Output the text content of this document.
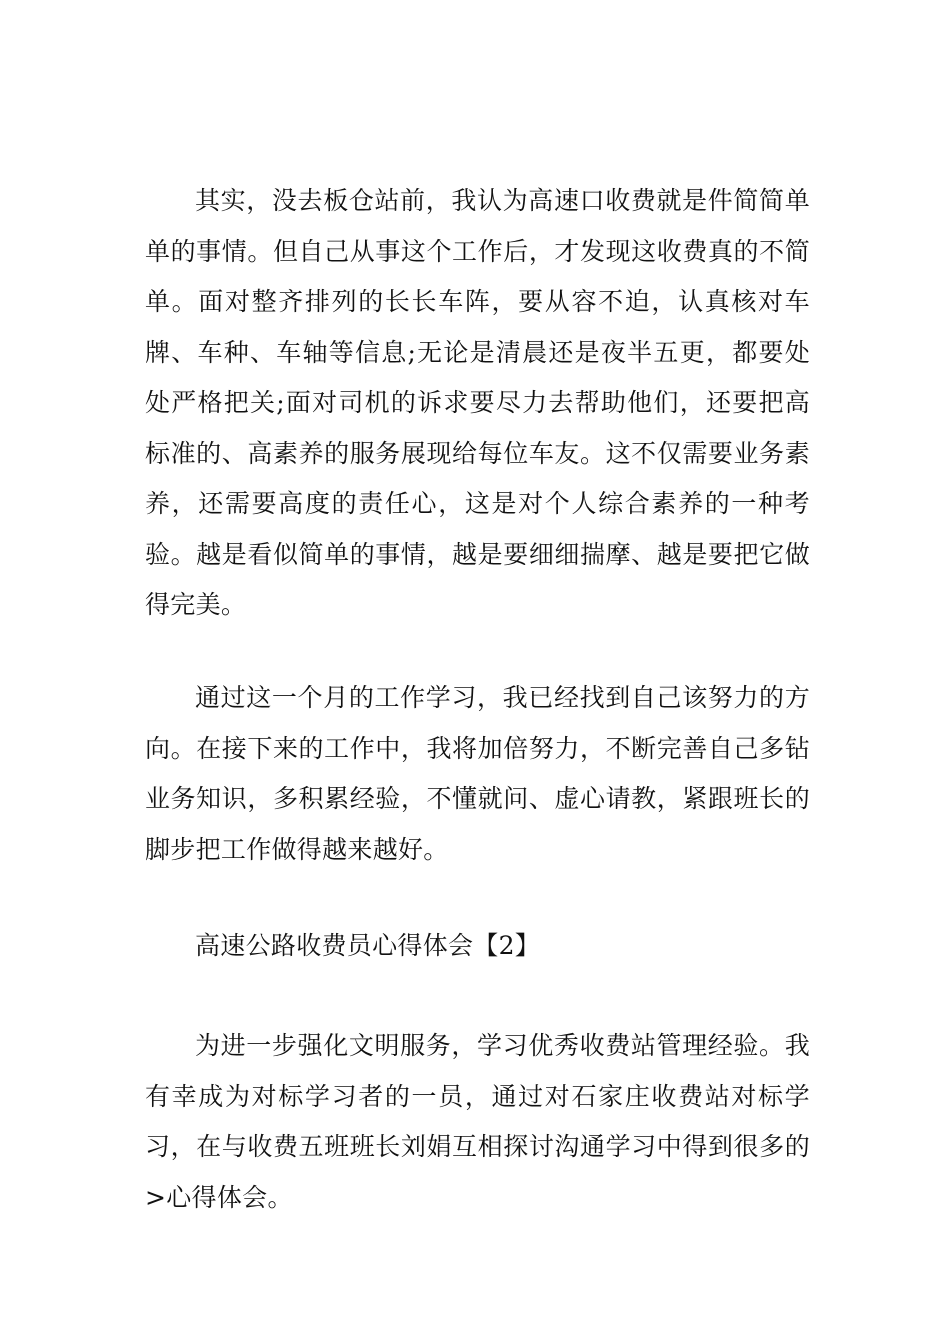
其实，没去板仓站前，我认为高速口收费就是件简简单单的事情。但自己从事这个工作后，才发现这收费真的不简单。面对整齐排列的长长车阵，要从容不迫，认真核对车牌、车种、车轴等信息;无论是清晨还是夜半五更，都要处处严格把关;面对司机的诉求要尽力去帮助他们，还要把高标准的、高素养的服务展现给每位车友。这不仅需要业务素养，还需要高度的责任心，这是对个人综合素养的一种考验。越是看似简单的事情，越是要细细揣摩、越是要把它做得完美。

通过这一个月的工作学习，我已经找到自己该努力的方向。在接下来的工作中，我将加倍努力，不断完善自己多钻业务知识，多积累经验，不懂就问、虚心请教，紧跟班长的脚步把工作做得越来越好。

高速公路收费员心得体会【2】

为进一步强化文明服务，学习优秀收费站管理经验。我有幸成为对标学习者的一员，通过对石家庄收费站对标学习，在与收费五班班长刘娟互相探讨沟通学习中得到很多的>心得体会。
